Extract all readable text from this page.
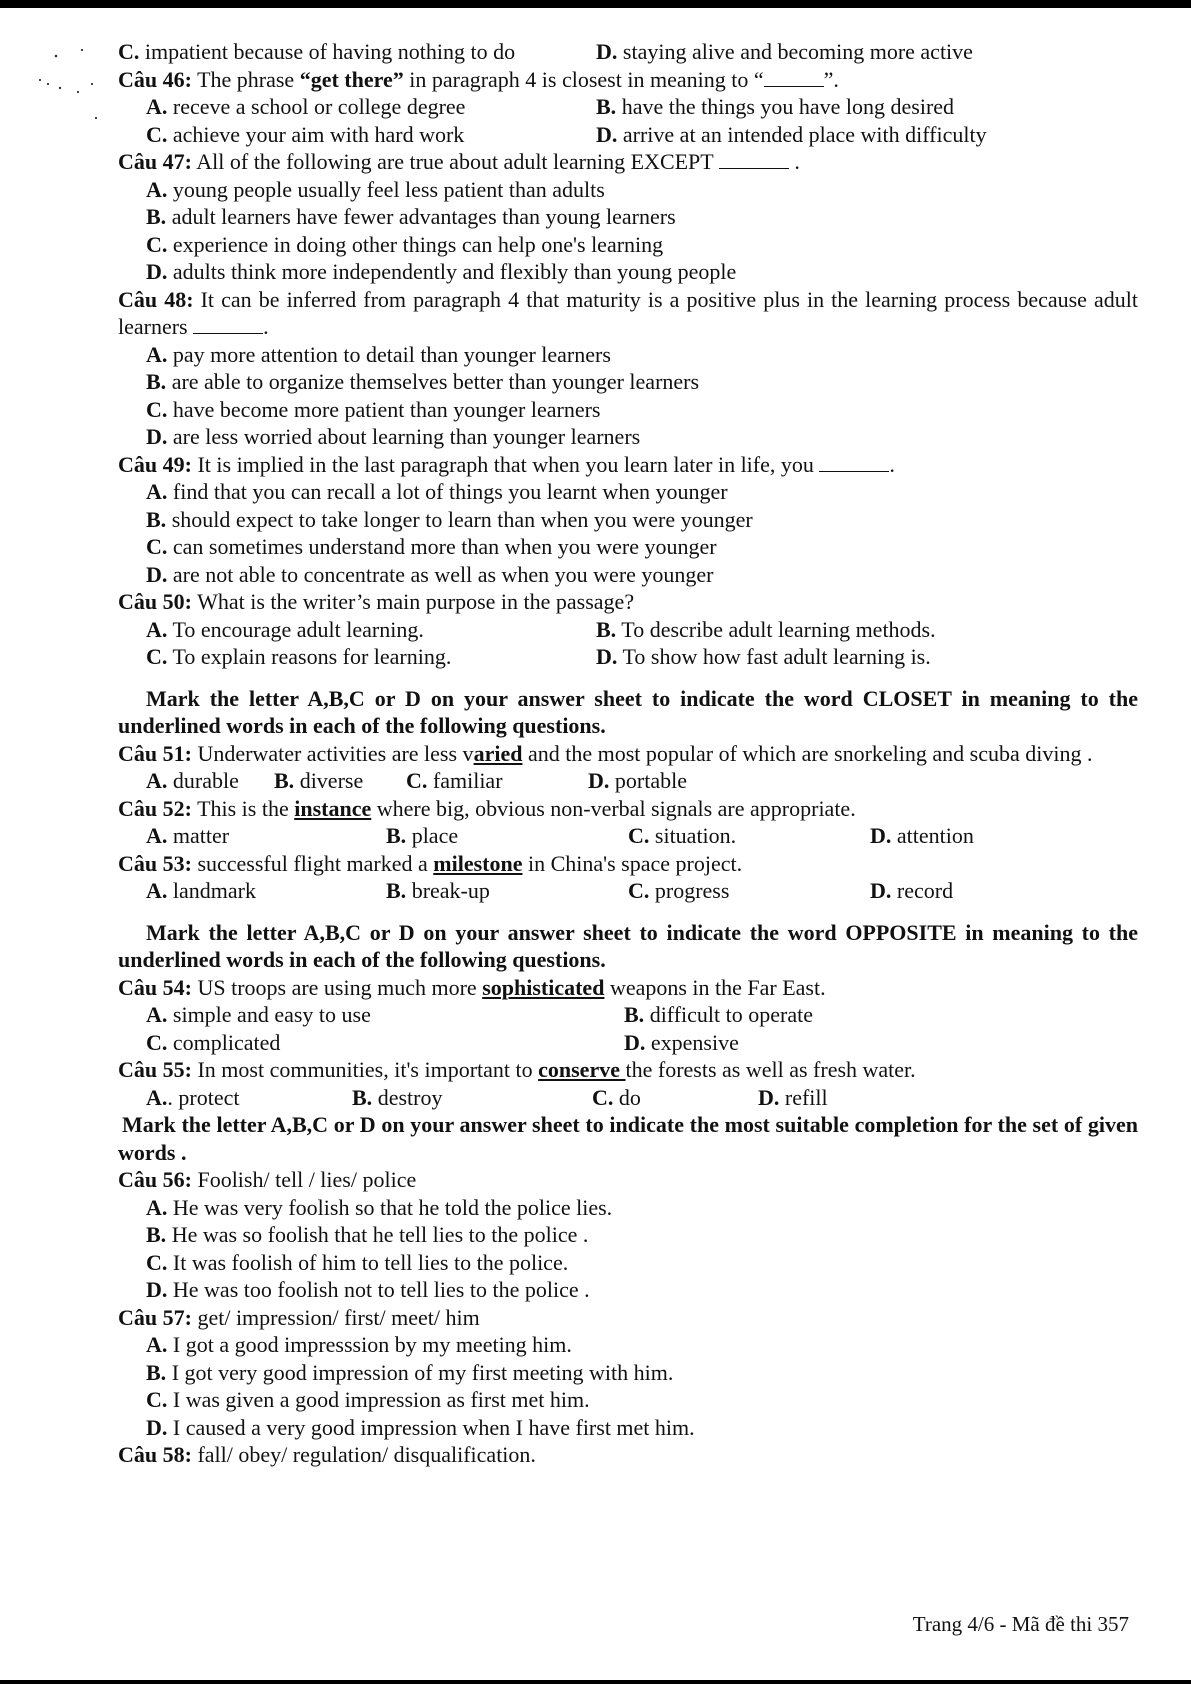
C. impatient because of having nothing to do	D. staying alive and becoming more active

Câu 46: The phrase “get there” in paragraph 4 is closest in meaning to “	”.

A. receve a school or college degree	B. have the things you have long desired
C. achieve your aim with hard work	D. arrive at an intended place with difficulty

Câu 47: All of the following are true about adult learning EXCEPT	.

A. young people usually feel less patient than adults
B. adult learners have fewer advantages than young learners
C. experience in doing other things can help one's learning
D. adults think more independently and flexibly than young people

Câu 48: It can be inferred from paragraph 4 that maturity is a positive plus in the learning process because adult learners	.

A. pay more attention to detail than younger learners
B. are able to organize themselves better than younger learners
C. have become more patient than younger learners
D. are less worried about learning than younger learners

Câu 49: It is implied in the last paragraph that when you learn later in life, you	.

A. find that you can recall a lot of things you learnt when younger
B. should expect to take longer to learn than when you were younger
C. can sometimes understand more than when you were younger
D. are not able to concentrate as well as when you were younger

Câu 50: What is the writer’s main purpose in the passage?

A. To encourage adult learning.	B. To describe adult learning methods.
C. To explain reasons for learning.	D. To show how fast adult learning is.

Mark the letter A,B,C or D on your answer sheet to indicate the word CLOSET in meaning to the underlined words in each of the following questions.

Câu 51: Underwater activities are less varied and the most popular of which are snorkeling and scuba diving .

A. durable	B. diverse	C. familiar	D. portable

Câu 52: This is the instance where big, obvious non-verbal signals are appropriate.

A. matter	B. place	C. situation.	D. attention

Câu 53: successful flight marked a milestone in China's space project.

A. landmark	B. break-up	C. progress	D. record

Mark the letter A,B,C or D on your answer sheet to indicate the word OPPOSITE in meaning to the underlined words in each of the following questions.

Câu 54: US troops are using much more sophisticated weapons in the Far East.

A. simple and easy to use	B. difficult to operate
C. complicated	D. expensive

Câu 55: In most communities, it's important to conserve the forests as well as fresh water.

A.. protect	B. destroy	C. do	D. refill

Mark the letter A,B,C or D on your answer sheet to indicate the most suitable completion for the set of given words .

Câu 56: Foolish/ tell / lies/ police

A. He was very foolish so that he told the police lies.
B. He was so foolish that he tell lies to the police .
C. It was foolish of him to tell lies to the police.
D. He was too foolish not to tell lies to the police .

Câu 57: get/ impression/ first/ meet/ him

A. I got a good impresssion by my meeting him.
B. I got very good impression of my first meeting with him.
C. I was given a good impression as first met him.
D. I caused a very good impression when I have first met him.

Câu 58: fall/ obey/ regulation/ disqualification.

Trang 4/6 - Mã đề thi 357
